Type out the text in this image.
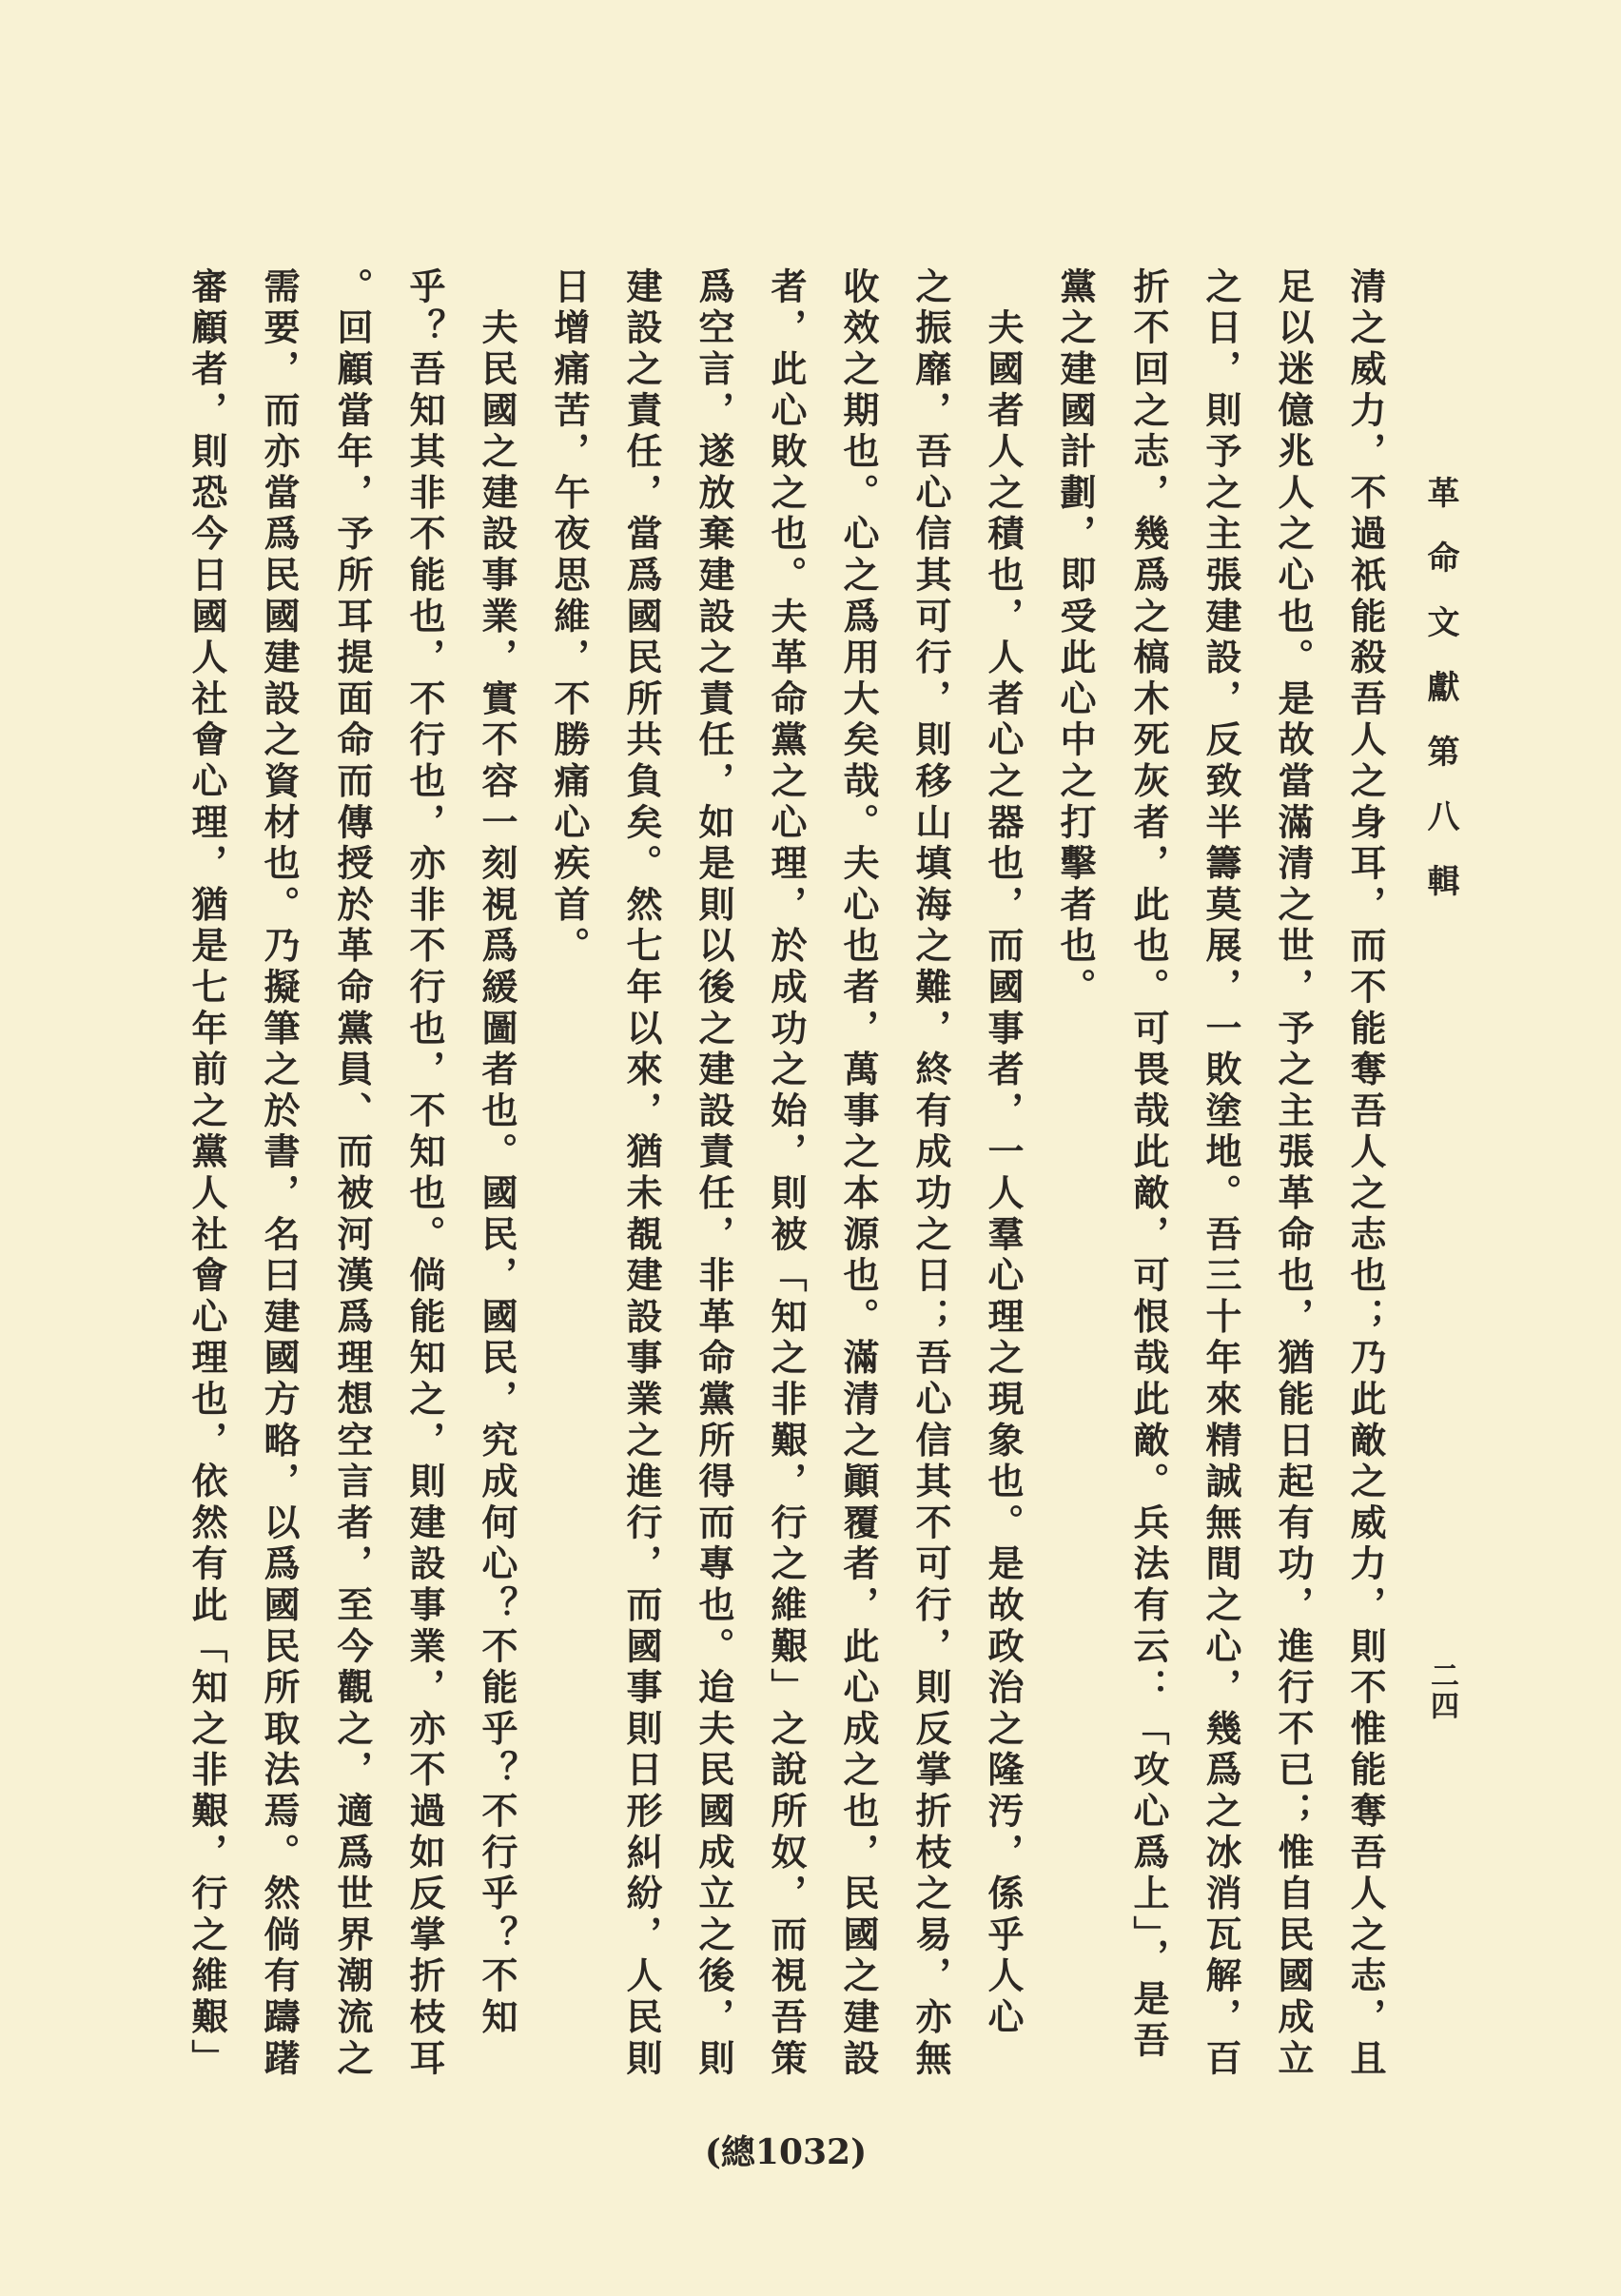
革命文獻第八輯
二四
清之威力，不過祇能殺吾人之身耳，而不能奪吾人之志也；乃此敵之威力，則不惟能奪吾人之志，且
足以迷億兆人之心也。是故當滿清之世，予之主張革命也，猶能日起有功，進行不已；惟自民國成立
之日，則予之主張建設，反致半籌莫展，一敗塗地。吾三十年來精誠無間之心，幾爲之冰消瓦解，百
折不回之志，幾爲之槁木死灰者，此也。可畏哉此敵，可恨哉此敵。兵法有云：「攻心爲上」，是吾
黨之建國計劃，即受此心中之打擊者也。
　夫國者人之積也，人者心之器也，而國事者，一人羣心理之現象也。是故政治之隆汚，係乎人心
之振靡，吾心信其可行，則移山填海之難，終有成功之日；吾心信其不可行，則反掌折枝之易，亦無
收效之期也。心之爲用大矣哉。夫心也者，萬事之本源也。滿清之顚覆者，此心成之也，民國之建設
者，此心敗之也。夫革命黨之心理，於成功之始，則被「知之非艱，行之維艱」之說所奴，而視吾策
爲空言，遂放棄建設之責任，如是則以後之建設責任，非革命黨所得而專也。迨夫民國成立之後，則
建設之責任，當爲國民所共負矣。然七年以來，猶未覩建設事業之進行，而國事則日形糾紛，人民則
日增痛苦，午夜思維，不勝痛心疾首。
　夫民國之建設事業，實不容一刻視爲緩圖者也。國民，國民，究成何心？不能乎？不行乎？不知
乎？吾知其非不能也，不行也，亦非不行也，不知也。倘能知之，則建設事業，亦不過如反掌折枝耳
。回顧當年，予所耳提面命而傳授於革命黨員、而被河漢爲理想空言者，至今觀之，適爲世界潮流之
需要，而亦當爲民國建設之資材也。乃擬筆之於書，名曰建國方略，以爲國民所取法焉。然倘有躊躇
審顧者，則恐今日國人社會心理，猶是七年前之黨人社會心理也，依然有此「知之非艱，行之維艱」
(總1032)
